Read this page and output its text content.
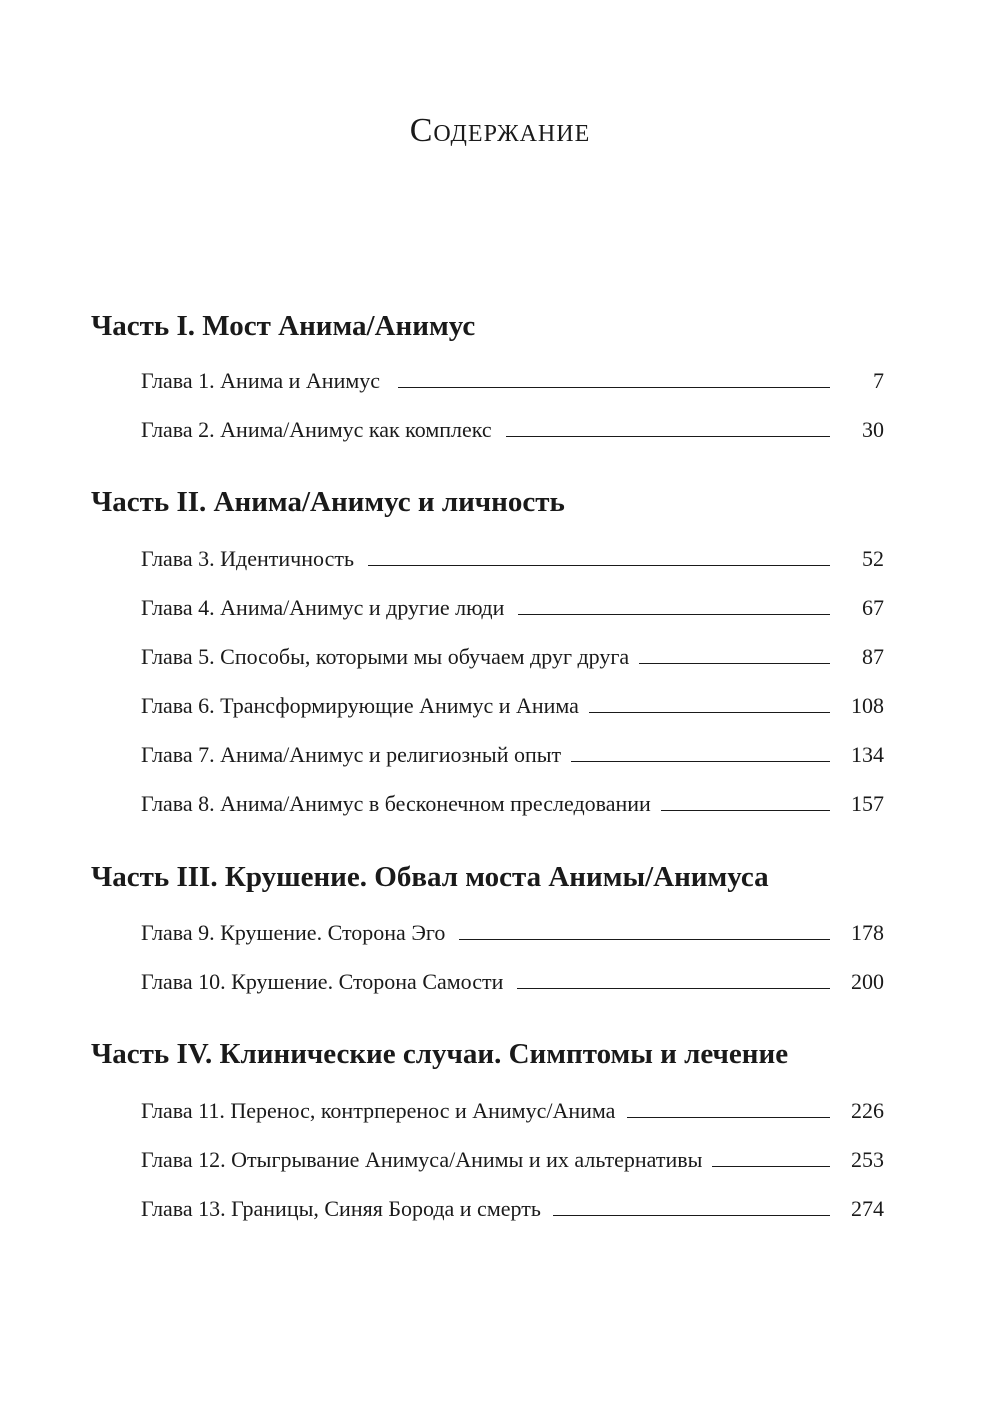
Содержание
Часть I. Мост Анима/Анимус
Глава 1. Анима и Анимус	7
Глава 2. Анима/Анимус как комплекс	30
Часть II. Анима/Анимус и личность
Глава 3. Идентичность	52
Глава 4. Анима/Анимус и другие люди	67
Глава 5. Способы, которыми мы обучаем друг друга	87
Глава 6. Трансформирующие Анимус и Анима	108
Глава 7. Анима/Анимус и религиозный опыт	134
Глава 8. Анима/Анимус в бесконечном преследовании	157
Часть III. Крушение. Обвал моста Анимы/Анимуса
Глава 9. Крушение. Сторона Эго	178
Глава 10. Крушение. Сторона Самости	200
Часть IV. Клинические случаи. Симптомы и лечение
Глава 11. Перенос, контрперенос и Анимус/Анима	226
Глава 12. Отыгрывание Анимуса/Анимы и их альтернативы	253
Глава 13. Границы, Синяя Борода и смерть	274
